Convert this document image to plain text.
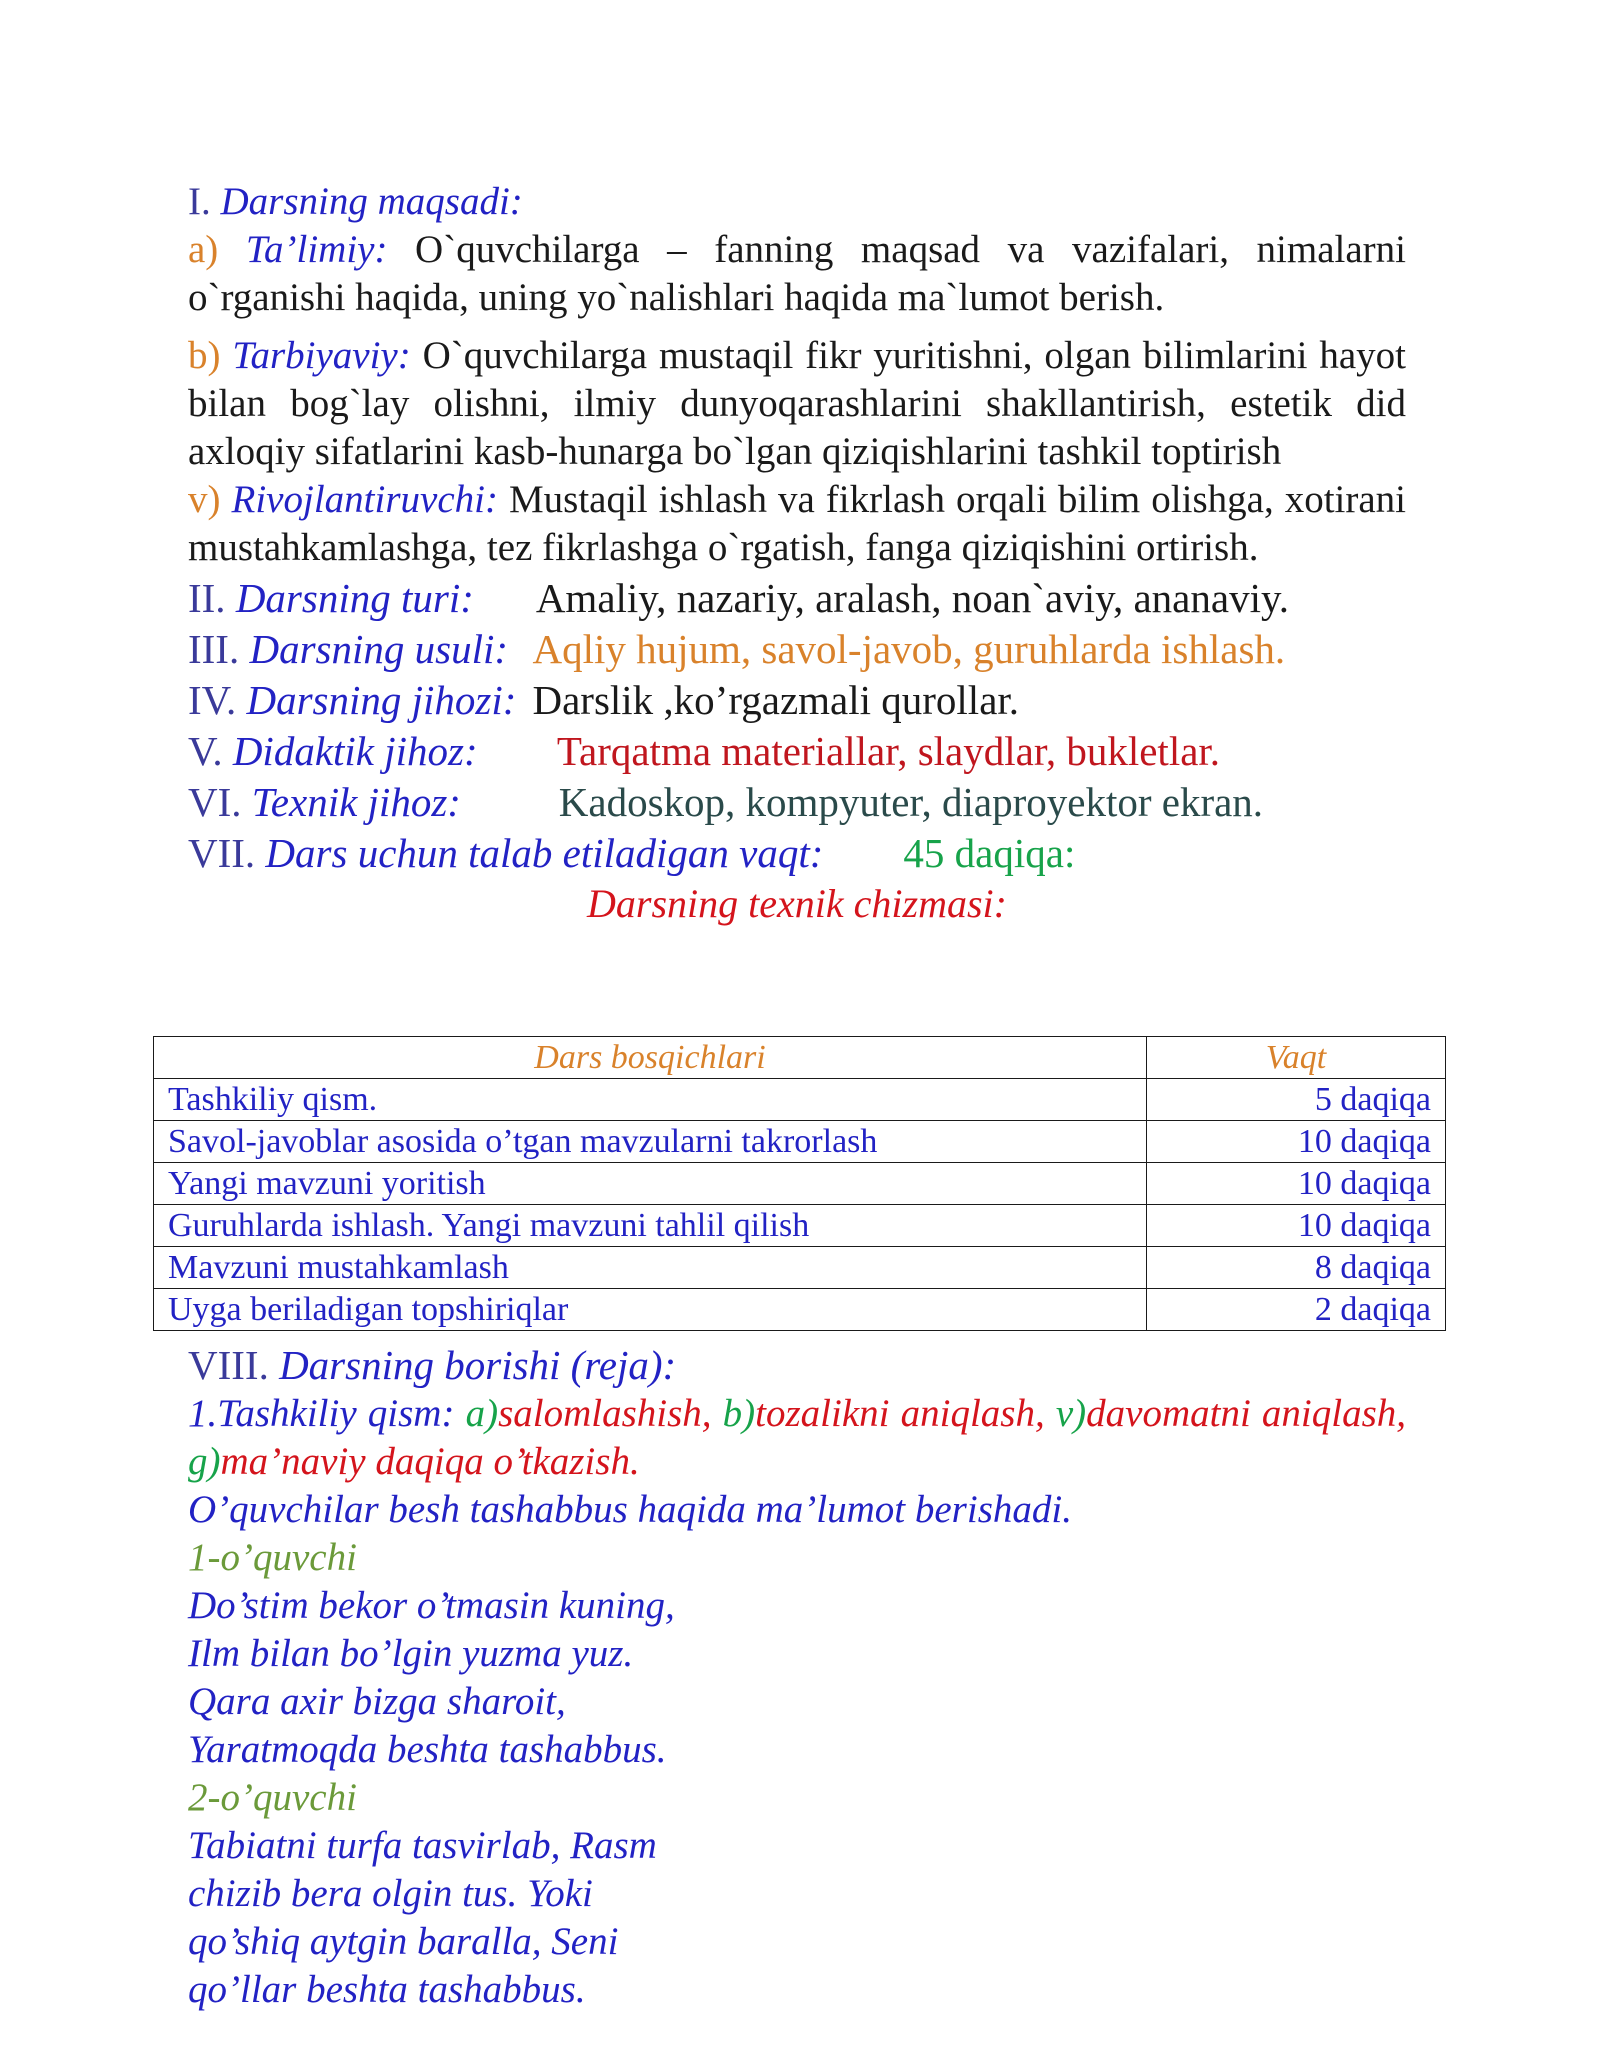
I. Darsning maqsadi:

a) Ta’limiy: O`quvchilarga – fanning maqsad va vazifalari, nimalarni o`rganishi haqida, uning yo`nalishlari haqida ma`lumot berish.

b) Tarbiyaviy: O`quvchilarga mustaqil fikr yuritishni, olgan bilimlarini hayot bilan bog`lay olishni, ilmiy dunyoqarashlarini shakllantirish, estetik did axloqiy sifatlarini kasb-hunarga bo`lgan qiziqishlarini tashkil toptirish

v) Rivojlantiruvchi: Mustaqil ishlash va fikrlash orqali bilim olishga, xotirani mustahkamlashga, tez fikrlashga o`rgatish, fanga qiziqishini ortirish.

II.
Darsning turi:	Amaliy, nazariy, aralash, noan`aviy, ananaviy.
III.
Darsning usuli: Aqliy hujum, savol-javob, guruhlarda ishlash.
IV.
Darsning jihozi: Darslik ,ko’rgazmali qurollar.
V.
Didaktik jihoz:	Tarqatma materiallar, slaydlar, bukletlar.
VI.
Texnik jihoz:	Kadoskop, kompyuter, diaproyektor ekran.
VII.
Dars uchun talab etiladigan vaqt:	45 daqiqa:

Darsning texnik chizmasi:

Dars bosqichlari	Vaqt
Tashkiliy qism.	5 daqiqa
Savol-javoblar asosida o’tgan mavzularni takrorlash	10 daqiqa
Yangi mavzuni yoritish	10 daqiqa
Guruhlarda ishlash. Yangi mavzuni tahlil qilish	10 daqiqa
Mavzuni mustahkamlash	8 daqiqa
Uyga beriladigan topshiriqlar	2 daqiqa

VIII. Darsning borishi (reja):

1.Tashkiliy qism: a)salomlashish, b)tozalikni aniqlash, v)davomatni aniqlash, g)ma’naviy daqiqa o’tkazish.

O’quvchilar besh tashabbus haqida ma’lumot berishadi.

1-o’quvchi

Do’stim bekor o’tmasin kuning,

Ilm bilan bo’lgin yuzma yuz.

Qara axir bizga sharoit,

Yaratmoqda beshta tashabbus.

2-o’quvchi

Tabiatni turfa tasvirlab, Rasm

chizib bera olgin tus. Yoki

qo’shiq aytgin baralla, Seni

qo’llar beshta tashabbus.
